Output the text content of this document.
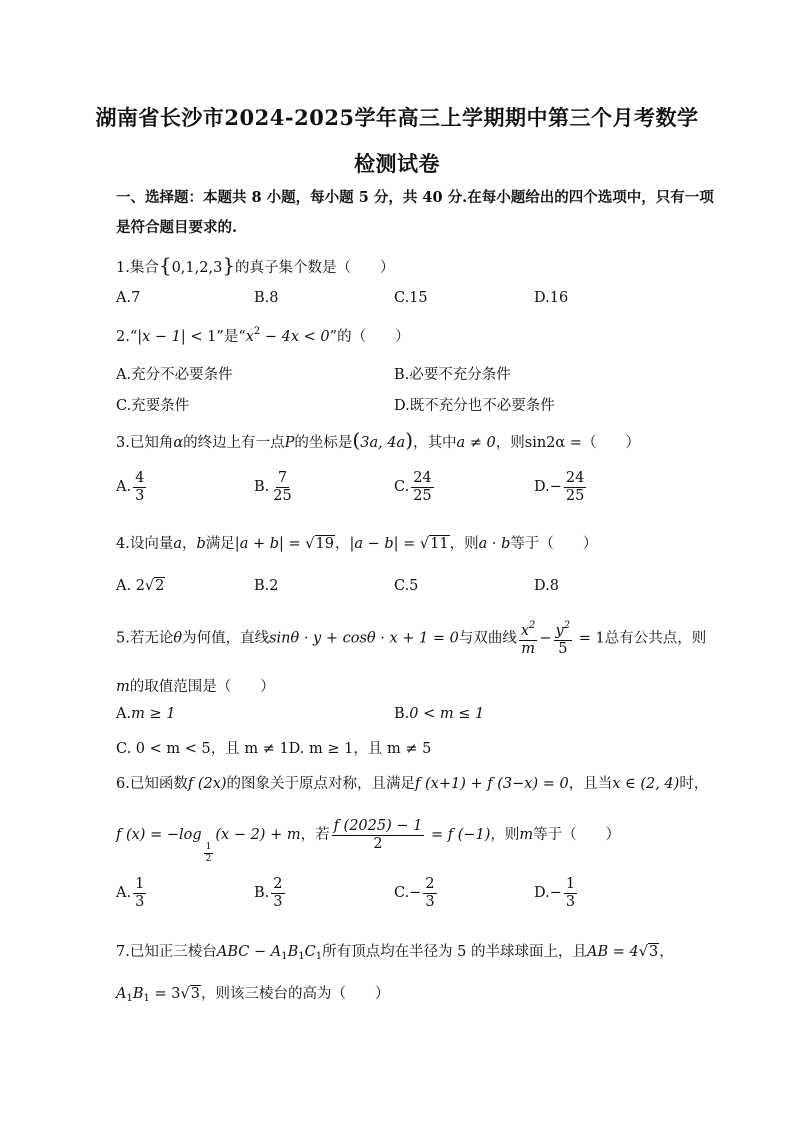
湖南省长沙市2024-2025学年高三上学期期中第三个月考数学
检测试卷
一、选择题：本题共 8 小题，每小题 5 分，共 40 分.在每小题给出的四个选项中，只有一项
是符合题目要求的.
1.集合{0,1,2,3}的真子集个数是（　　）
A.7	B.8	C.15	D.16
2.“|x − 1| < 1”是“$x^2 - 4x < 0$”的（　　）
A.充分不必要条件	B.必要不充分条件
C.充要条件	D.既不充分也不必要条件
3.已知角α的终边上有一点P的坐标是(3a, 4a)，其中a ≠ 0，则sin2α =（　　）
A. $\frac{4}{3}$	B. $\frac{7}{25}$	C. $\frac{24}{25}$	$D.- \frac{24}{25}$
4.设向量a，b满足|a + b| = √19，|a − b| = √11，则a · b等于（　　）
A. 2√2	B.2	C.5	D.8
5.若无论θ为何值，直线sinθ · y + cosθ · x + 1 = 0与双曲线 $\frac{x^2}{m} - \frac{y^2}{5} = 1$总有公共点，则
m的取值范围是（　　）
A.m ≥ 1	B.0 < m ≤ 1
C. 0 < m < 5，且 m ≠ 1D. m ≥ 1，且 m ≠ 5
6.已知函数f (2x)的图象关于原点对称，且满足f (x+1) + f (3−x) = 0，且当x ∈ (2, 4)时，
f (x) = −log
$\frac{1}{2}$
(x − 2) + m，若 $\frac{f (2025) - 1}{2} = f$ (−1)，则m等于（　　）
A. $\frac{1}{3}$	B. $\frac{2}{3}$	$C.- \frac{2}{3}$	$D.- \frac{1}{3}$
7.已知正三棱台ABC − $A_1B_1C_1$所有顶点均在半径为 5 的半球球面上，且AB = 4√3，
$A_1B_1 = 3√3$，则该三棱台的高为（　　）
